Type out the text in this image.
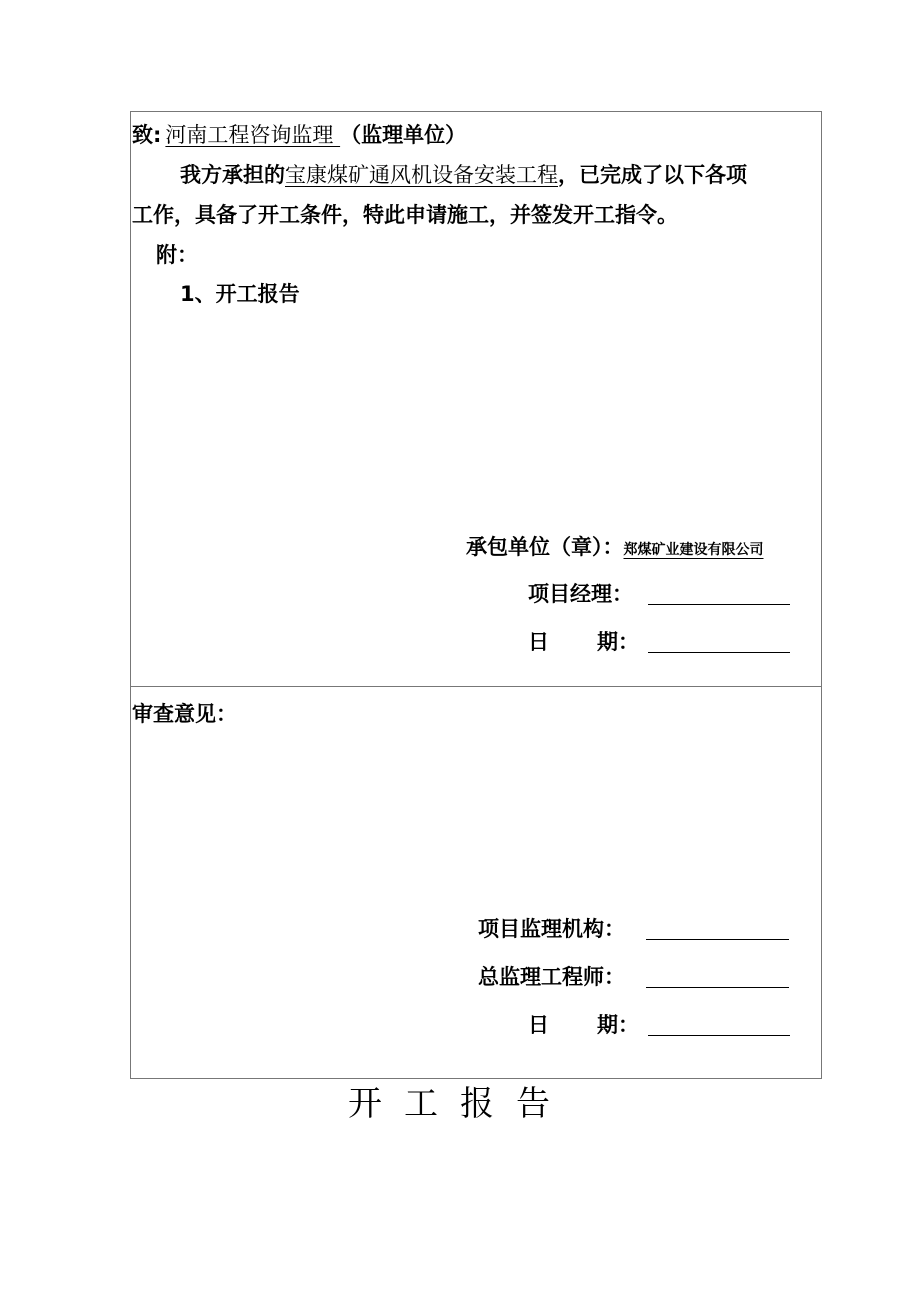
致: 河南工程咨询监理 （监理单位）
我方承担的宝康煤矿通风机设备安装工程，已完成了以下各项
工作，具备了开工条件，特此申请施工，并签发开工指令。
附：
1、开工报告
承包单位（章）：郑煤矿业建设有限公司
项目经理：
日 期：
审查意见：
项目监理机构：
总监理工程师：
日 期：
开工报告
